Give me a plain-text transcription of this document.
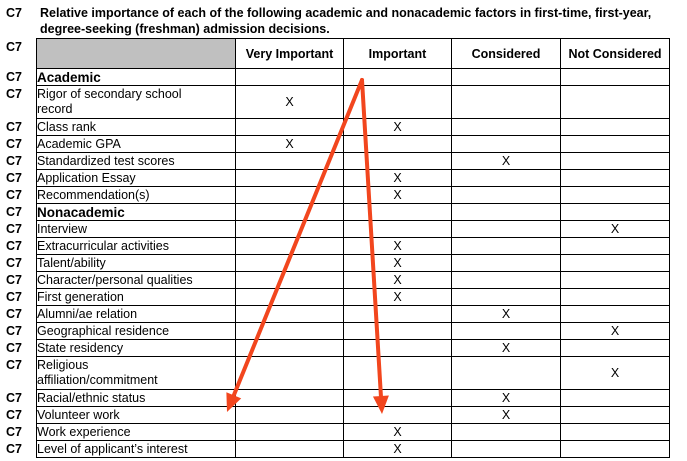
C7 Relative importance of each of the following academic and nonacademic factors in first-time, first-year, degree-seeking (freshman) admission decisions.
C7
C7
C7
C7
C7
C7
C7
C7
C7
C7
C7
C7
C7
C7
C7
C7
C7
C7
C7
C7
C7
C7
	Very Important	Important	Considered	Not Considered
Academic				
Rigor of secondary school record	X			
Class rank		X		
Academic GPA	X			
Standardized test scores			X	
Application Essay		X		
Recommendation(s)		X		
Nonacademic				
Interview				X
Extracurricular activities		X		
Talent/ability		X		
Character/personal qualities		X		
First generation		X		
Alumni/ae relation			X	
Geographical residence				X
State residency			X	
Religious affiliation/commitment				X
Racial/ethnic status			X	
Volunteer work			X	
Work experience		X		
Level of applicant’s interest		X		
